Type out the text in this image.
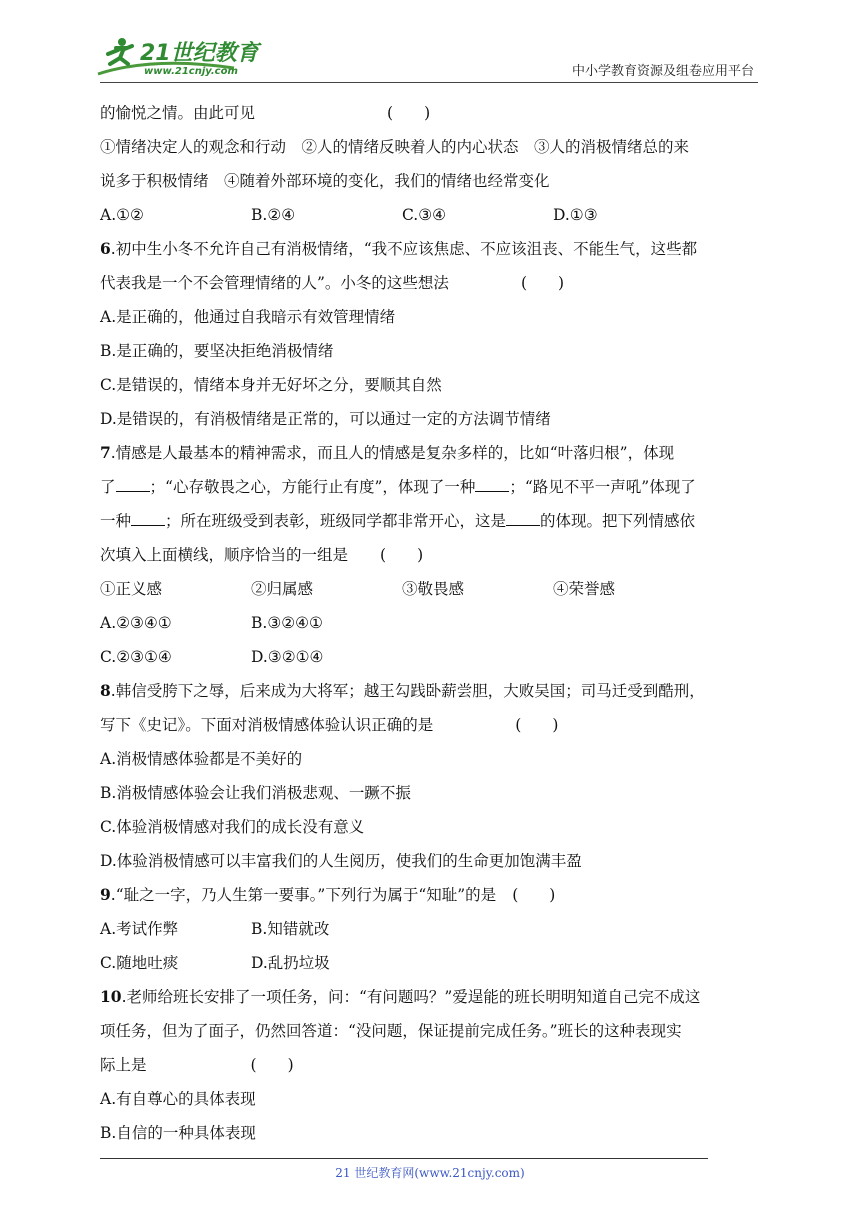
21世纪教育
www.21cnjy.com	中小学教育资源及组卷应用平台
的愉悦之情。由此可见	(　　)
①情绪决定人的观念和行动　②人的情绪反映着人的内心状态　③人的消极情绪总的来
说多于积极情绪　④随着外部环境的变化，我们的情绪也经常变化
A.①②	B.②④	C.③④	D.①③
6.初中生小冬不允许自己有消极情绪，“我不应该焦虑、不应该沮丧、不能生气，这些都
代表我是一个不会管理情绪的人”。小冬的这些想法	(　　)
A.是正确的，他通过自我暗示有效管理情绪
B.是正确的，要坚决拒绝消极情绪
C.是错误的，情绪本身并无好坏之分，要顺其自然
D.是错误的，有消极情绪是正常的，可以通过一定的方法调节情绪
7.情感是人最基本的精神需求，而且人的情感是复杂多样的，比如“叶落归根”，体现
了 ；“心存敬畏之心，方能行止有度”，体现了一种 ；“路见不平一声吼”体现了
一种 ；所在班级受到表彰，班级同学都非常开心，这是 的体现。把下列情感依
次填入上面横线，顺序恰当的一组是 (　　)
①正义感	②归属感	③敬畏感	④荣誉感
A.②③④①	B.③②④①
C.②③①④	D.③②①④
8.韩信受胯下之辱，后来成为大将军；越王勾践卧薪尝胆，大败吴国；司马迁受到酷刑，
写下《史记》。下面对消极情感体验认识正确的是	(　　)
A.消极情感体验都是不美好的
B.消极情感体验会让我们消极悲观、一蹶不振
C.体验消极情感对我们的成长没有意义
D.体验消极情感可以丰富我们的人生阅历，使我们的生命更加饱满丰盈
9.“耻之一字，乃人生第一要事。”下列行为属于“知耻”的是 (　　)
A.考试作弊	B.知错就改
C.随地吐痰	D.乱扔垃圾
10.老师给班长安排了一项任务，问：“有问题吗？”爱逞能的班长明明知道自己完不成这
项任务，但为了面子，仍然回答道：“没问题，保证提前完成任务。”班长的这种表现实
际上是	(　　)
A.有自尊心的具体表现
B.自信的一种具体表现
21 世纪教育网(www.21cnjy.com)
